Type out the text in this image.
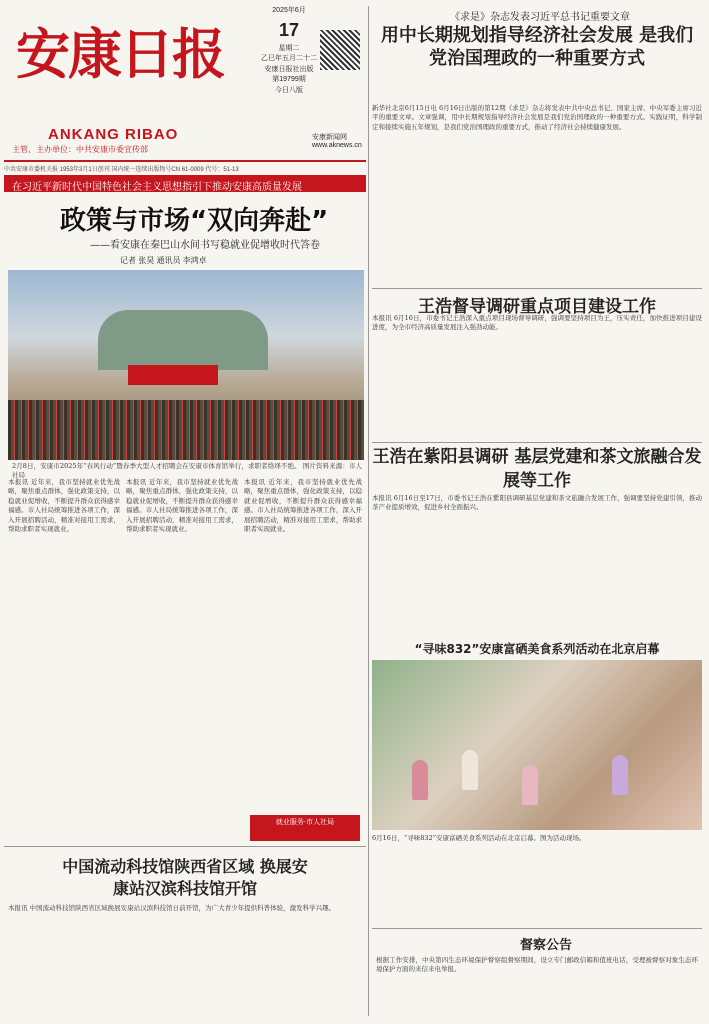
安康日报
ANKANG RIBAO
主管、主办单位：中共安康市委宣传部
2025年6月
17
星期二
乙巳年五月二十二
安康日报社出版
第19799期
今日八版
安康新闻网
www.aknews.cn
中共安康市委机关报 1953年3月1日创刊 国内统一连续出版物号CN 61-0009 代号：51-13
在习近平新时代中国特色社会主义思想指引下推动安康高质量发展
政策与市场“双向奔赴”
——看安康在秦巴山水间书写稳就业促增收时代答卷
记者 张昊 通讯员 李鸿卓
2月8日，安康市2025年“春风行动”暨春季大型人才招聘会在安康市体育馆举行，求职者络绎不绝。 图片资料来源：市人社局
本报讯 近年来，我市坚持就业优先战略，聚焦重点群体，强化政策支持，以稳就业促增收，不断提升群众获得感幸福感。市人社局统筹推进各项工作，深入开展招聘活动，精准对接用工需求，帮助求职者实现就业。
本报讯 近年来，我市坚持就业优先战略，聚焦重点群体，强化政策支持，以稳就业促增收，不断提升群众获得感幸福感。市人社局统筹推进各项工作，深入开展招聘活动，精准对接用工需求，帮助求职者实现就业。
本报讯 近年来，我市坚持就业优先战略，聚焦重点群体，强化政策支持，以稳就业促增收，不断提升群众获得感幸福感。市人社局统筹推进各项工作，深入开展招聘活动，精准对接用工需求，帮助求职者实现就业。
就业服务·市人社局
《求是》杂志发表习近平总书记重要文章
用中长期规划指导经济社会发展 是我们党治国理政的一种重要方式
新华社北京6月15日电 6月16日出版的第12期《求是》杂志将发表中共中央总书记、国家主席、中央军委主席习近平的重要文章。文章强调，用中长期规划指导经济社会发展是我们党治国理政的一种重要方式。实践证明，科学制定和接续实施五年规划，是我们党治国理政的重要方式，推动了经济社会持续健康发展。
王浩督导调研重点项目建设工作
本报讯 6月16日，市委书记王浩深入重点项目现场督导调研，强调要坚持项目为王，压实责任，加快推进项目建设进度，为全市经济高质量发展注入强劲动能。
王浩在紫阳县调研 基层党建和茶文旅融合发展等工作
本报讯 6月16日至17日，市委书记王浩在紫阳县调研基层党建和茶文旅融合发展工作，强调要坚持党建引领，推动茶产业提质增效，促进乡村全面振兴。
“寻味832”安康富硒美食系列活动在北京启幕
6月16日，“寻味832”安康富硒美食系列活动在北京启幕。图为活动现场。
中国流动科技馆陕西省区域 换展安康站汉滨科技馆开馆
本报讯 中国流动科技馆陕西省区域换展安康站汉滨科技馆日前开馆，为广大青少年提供科普体验，激发科学兴趣。
督察公告
根据工作安排，中央第四生态环境保护督察组督察期间，设立专门邮政信箱和值班电话，受理被督察对象生态环境保护方面的来信来电举报。
